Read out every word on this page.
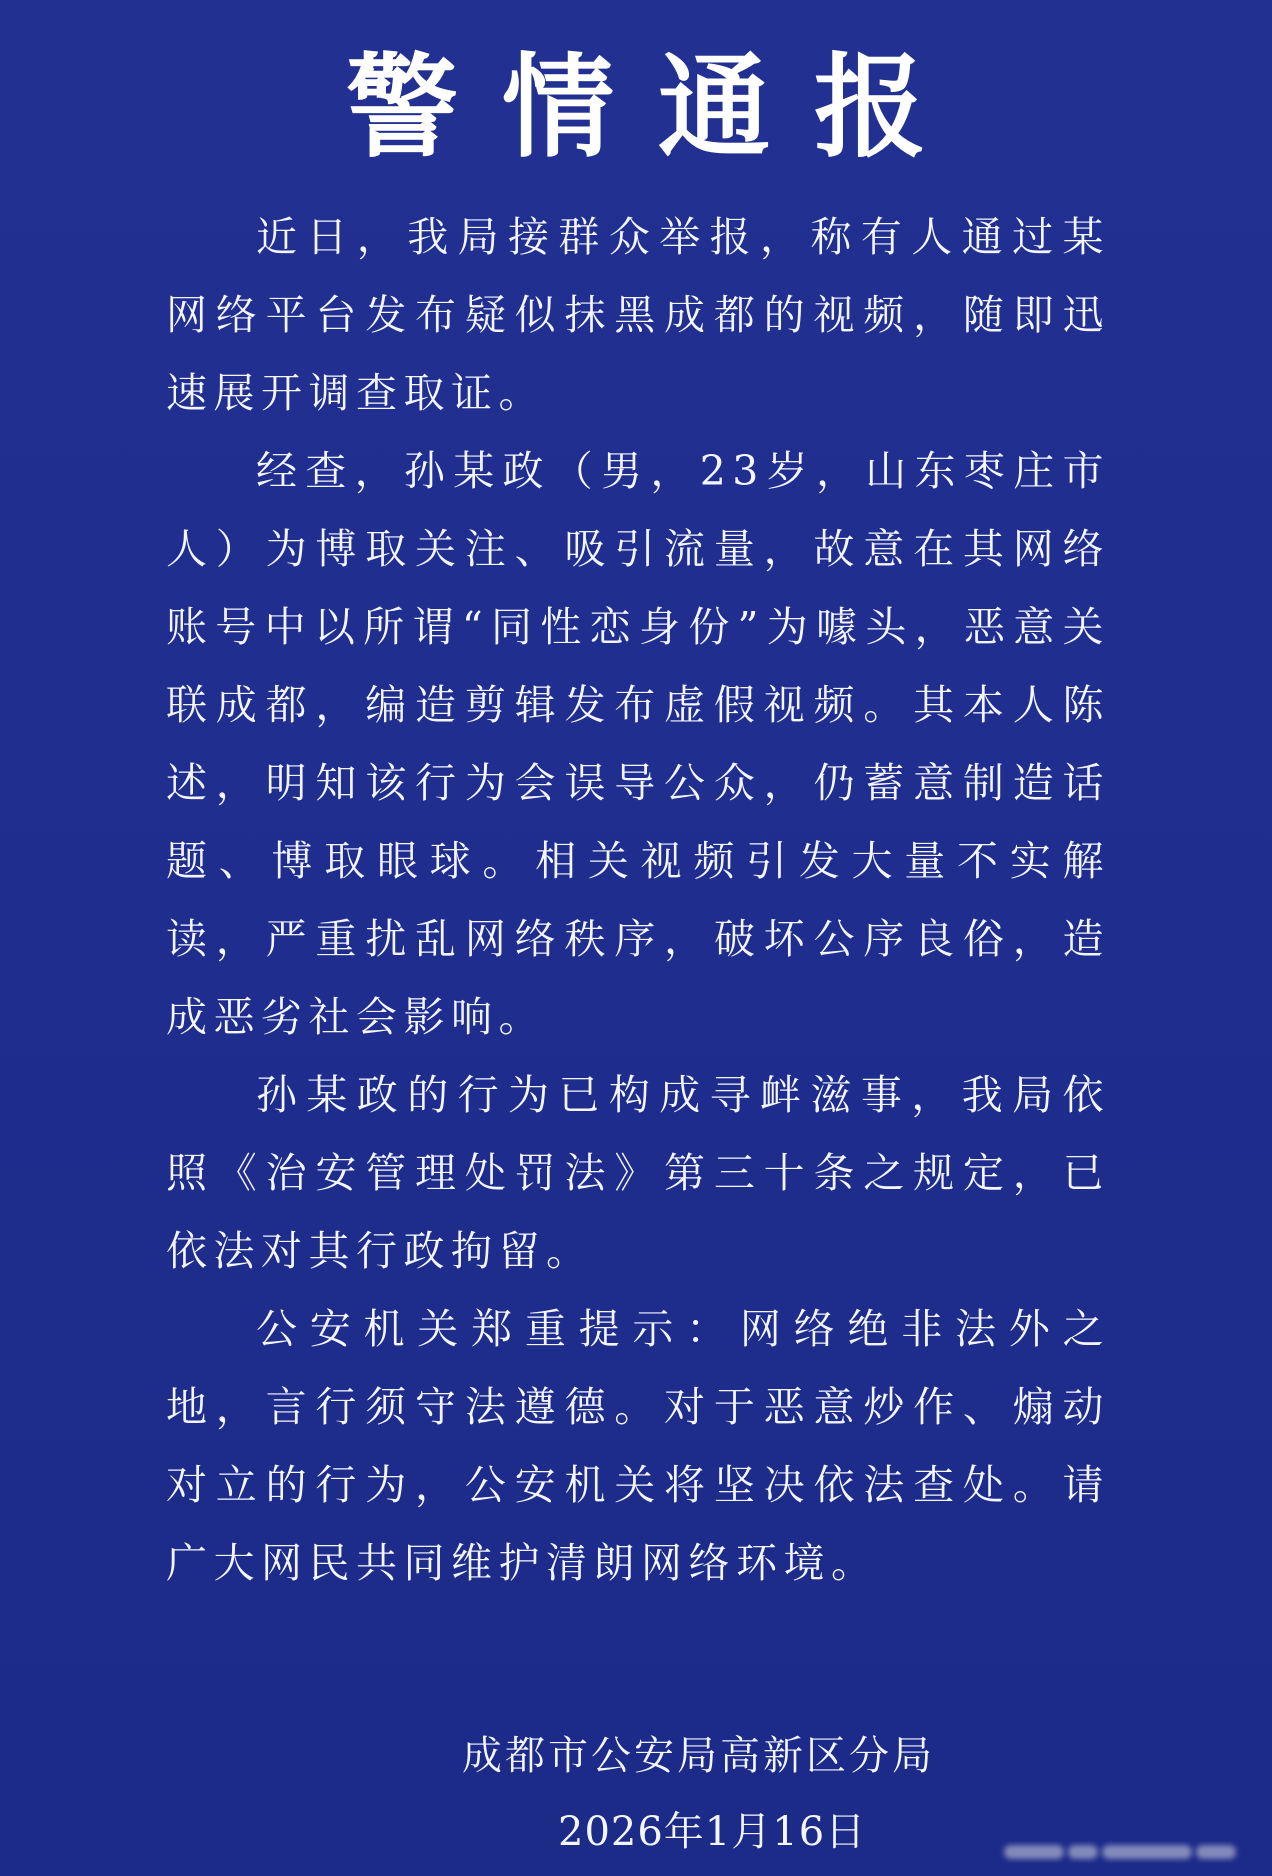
警情通报

近日，我局接群众举报，称有人通过某网络平台发布疑似抹黑成都的视频，随即迅速展开调查取证。

经查，孙某政（男，23岁，山东枣庄市人）为博取关注、吸引流量，故意在其网络账号中以所谓“同性恋身份”为噱头，恶意关联成都，编造剪辑发布虚假视频。其本人陈述，明知该行为会误导公众，仍蓄意制造话题、博取眼球。相关视频引发大量不实解读，严重扰乱网络秩序，破坏公序良俗，造成恶劣社会影响。

孙某政的行为已构成寻衅滋事，我局依照《治安管理处罚法》第三十条之规定，已依法对其行政拘留。

公安机关郑重提示：网络绝非法外之地，言行须守法遵德。对于恶意炒作、煽动对立的行为，公安机关将坚决依法查处。请广大网民共同维护清朗网络环境。

成都市公安局高新区分局
2026年1月16日
